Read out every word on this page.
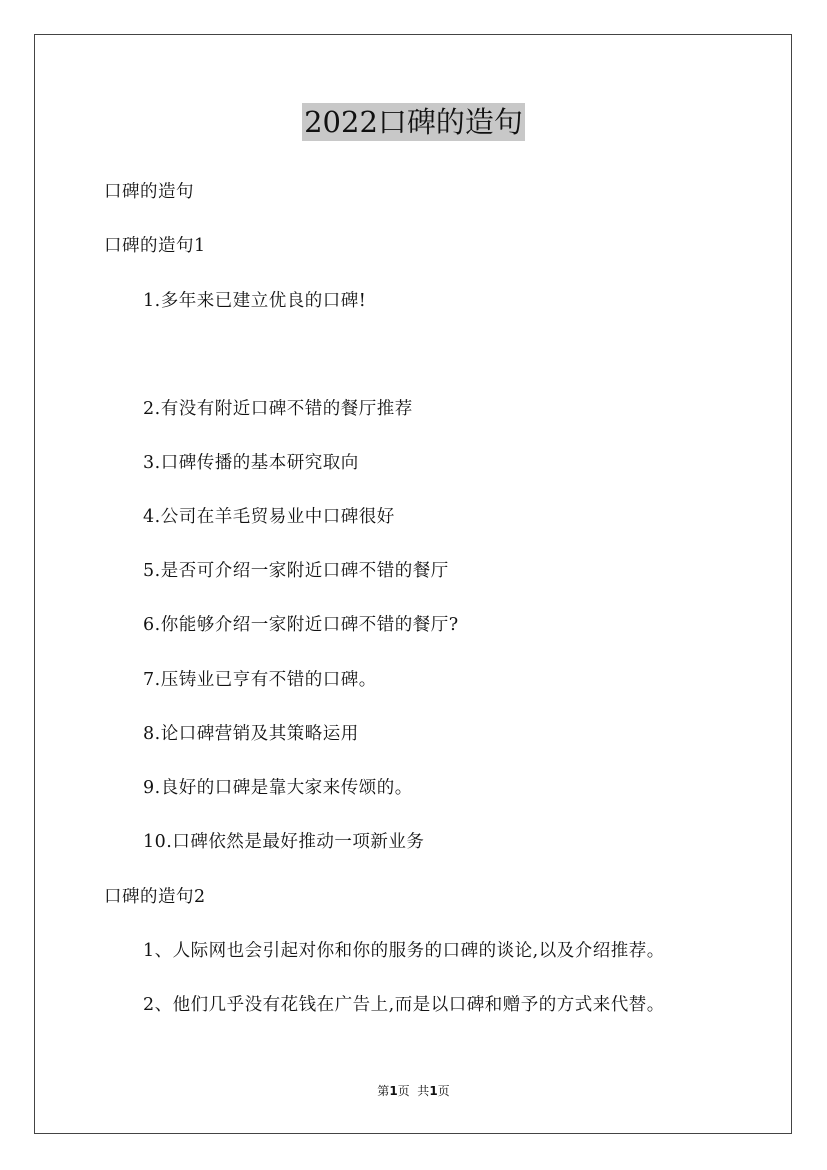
2022口碑的造句
口碑的造句
口碑的造句1
1.多年来已建立优良的口碑!
2.有没有附近口碑不错的餐厅推荐
3.口碑传播的基本研究取向
4.公司在羊毛贸易业中口碑很好
5.是否可介绍一家附近口碑不错的餐厅
6.你能够介绍一家附近口碑不错的餐厅?
7.压铸业已亨有不错的口碑。
8.论口碑营销及其策略运用
9.良好的口碑是靠大家来传颂的。
10.口碑依然是最好推动一项新业务
口碑的造句2
1、人际网也会引起对你和你的服务的口碑的谈论,以及介绍推荐。
2、他们几乎没有花钱在广告上,而是以口碑和赠予的方式来代替。
第1页  共1页
